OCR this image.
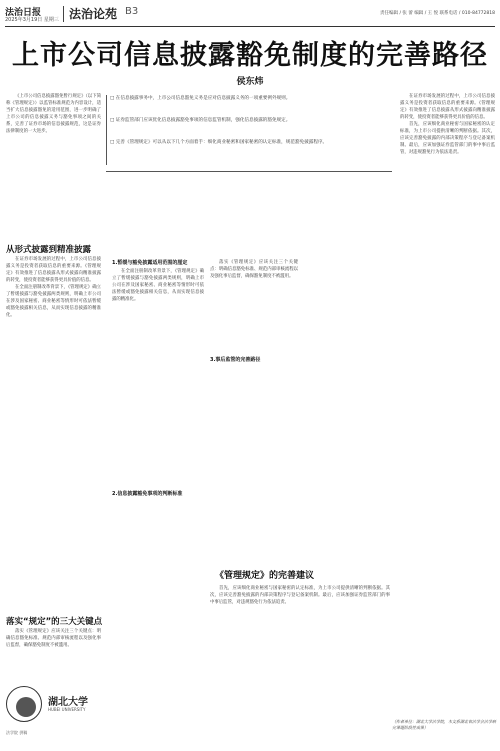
法治日报
2025年3月19日 星期三 法治论苑 B3	责任编辑 / 张 蕾 编辑 / 王 悦 联系电话 / 010-84772818
上市公司信息披露豁免制度的完善路径
侯东炜
□ 在信息披露事务中，上市公司信息豁免义务是应对信息披露义务的一项重要例外规则。
□ 证券监管部门应该优化信息披露豁免事项的信息监管机制，强化信息披露的豁免规定。
□ 完善《管理规定》可以从以下几个方面着手：细化商业秘密和国家秘密的认定标准，规范豁免披露程序。

《上市公司信息披露豁免暂行规定》（以下简称《管理规定》）以监管标准规范为内容设计，适当扩大信息披露豁免的适用范围，进一步明确了上市公司的信息披露义务与豁免事项之间的关系，完善了证券市场的信息披露规范，这是证券法律制度的一大进步。

从形式披露到精准披露

在证券市场发展的过程中，上市公司信息披露义务是投资者获取信息的重要来源。《管理规定》有效推进了信息披露从形式披露向精准披露的转变，使投资者能够获得更具价值的信息。

在全面注册制改革背景下，《管理规定》确立了暂缓披露与豁免披露两类规则，明确上市公司在涉及国家秘密、商业秘密等情形时可依法暂缓或豁免披露相关信息，从而实现信息披露的精准化。

落实“规定”的三大关键点

落实《管理规定》应该关注三个关键点：明确信息豁免标准、规范内部审核流程以及强化事后监督，确保豁免制度不被滥用。

1.暂缓与豁免披露适用范围的厘定

在全面注册制改革背景下，《管理规定》确立了暂缓披露与豁免披露两类规则，明确上市公司在涉及国家秘密、商业秘密等情形时可依法暂缓或豁免披露相关信息，从而实现信息披露的精准化。

2.信息披露豁免事项的判断标准

落实《管理规定》应该关注三个关键点：明确信息豁免标准、规范内部审核流程以及强化事后监督，确保豁免制度不被滥用。

3.事后监管的完善路径
《管理规定》的完善建议

首先，应该细化商业秘密与国家秘密的认定标准，为上市公司提供清晰的判断依据。其次，应该完善豁免披露的内部决策程序与登记备案机制。最后，应该加强证券监管部门的事中事后监管，对违规豁免行为依法追责。

在证券市场发展的过程中，上市公司信息披露义务是投资者获取信息的重要来源。《管理规定》有效推进了信息披露从形式披露向精准披露的转变，使投资者能够获得更具价值的信息。

首先，应该细化商业秘密与国家秘密的认定标准，为上市公司提供清晰的判断依据。其次，应该完善豁免披露的内部决策程序与登记备案机制。最后，应该加强证券监管部门的事中事后监管，对违规豁免行为依法追责。

湖北大学
HUBEI UNIVERSITY
法学院 供稿
（作者单位：湖北大学法学院，本文系湖北省法学会法学研究课题阶段性成果）
